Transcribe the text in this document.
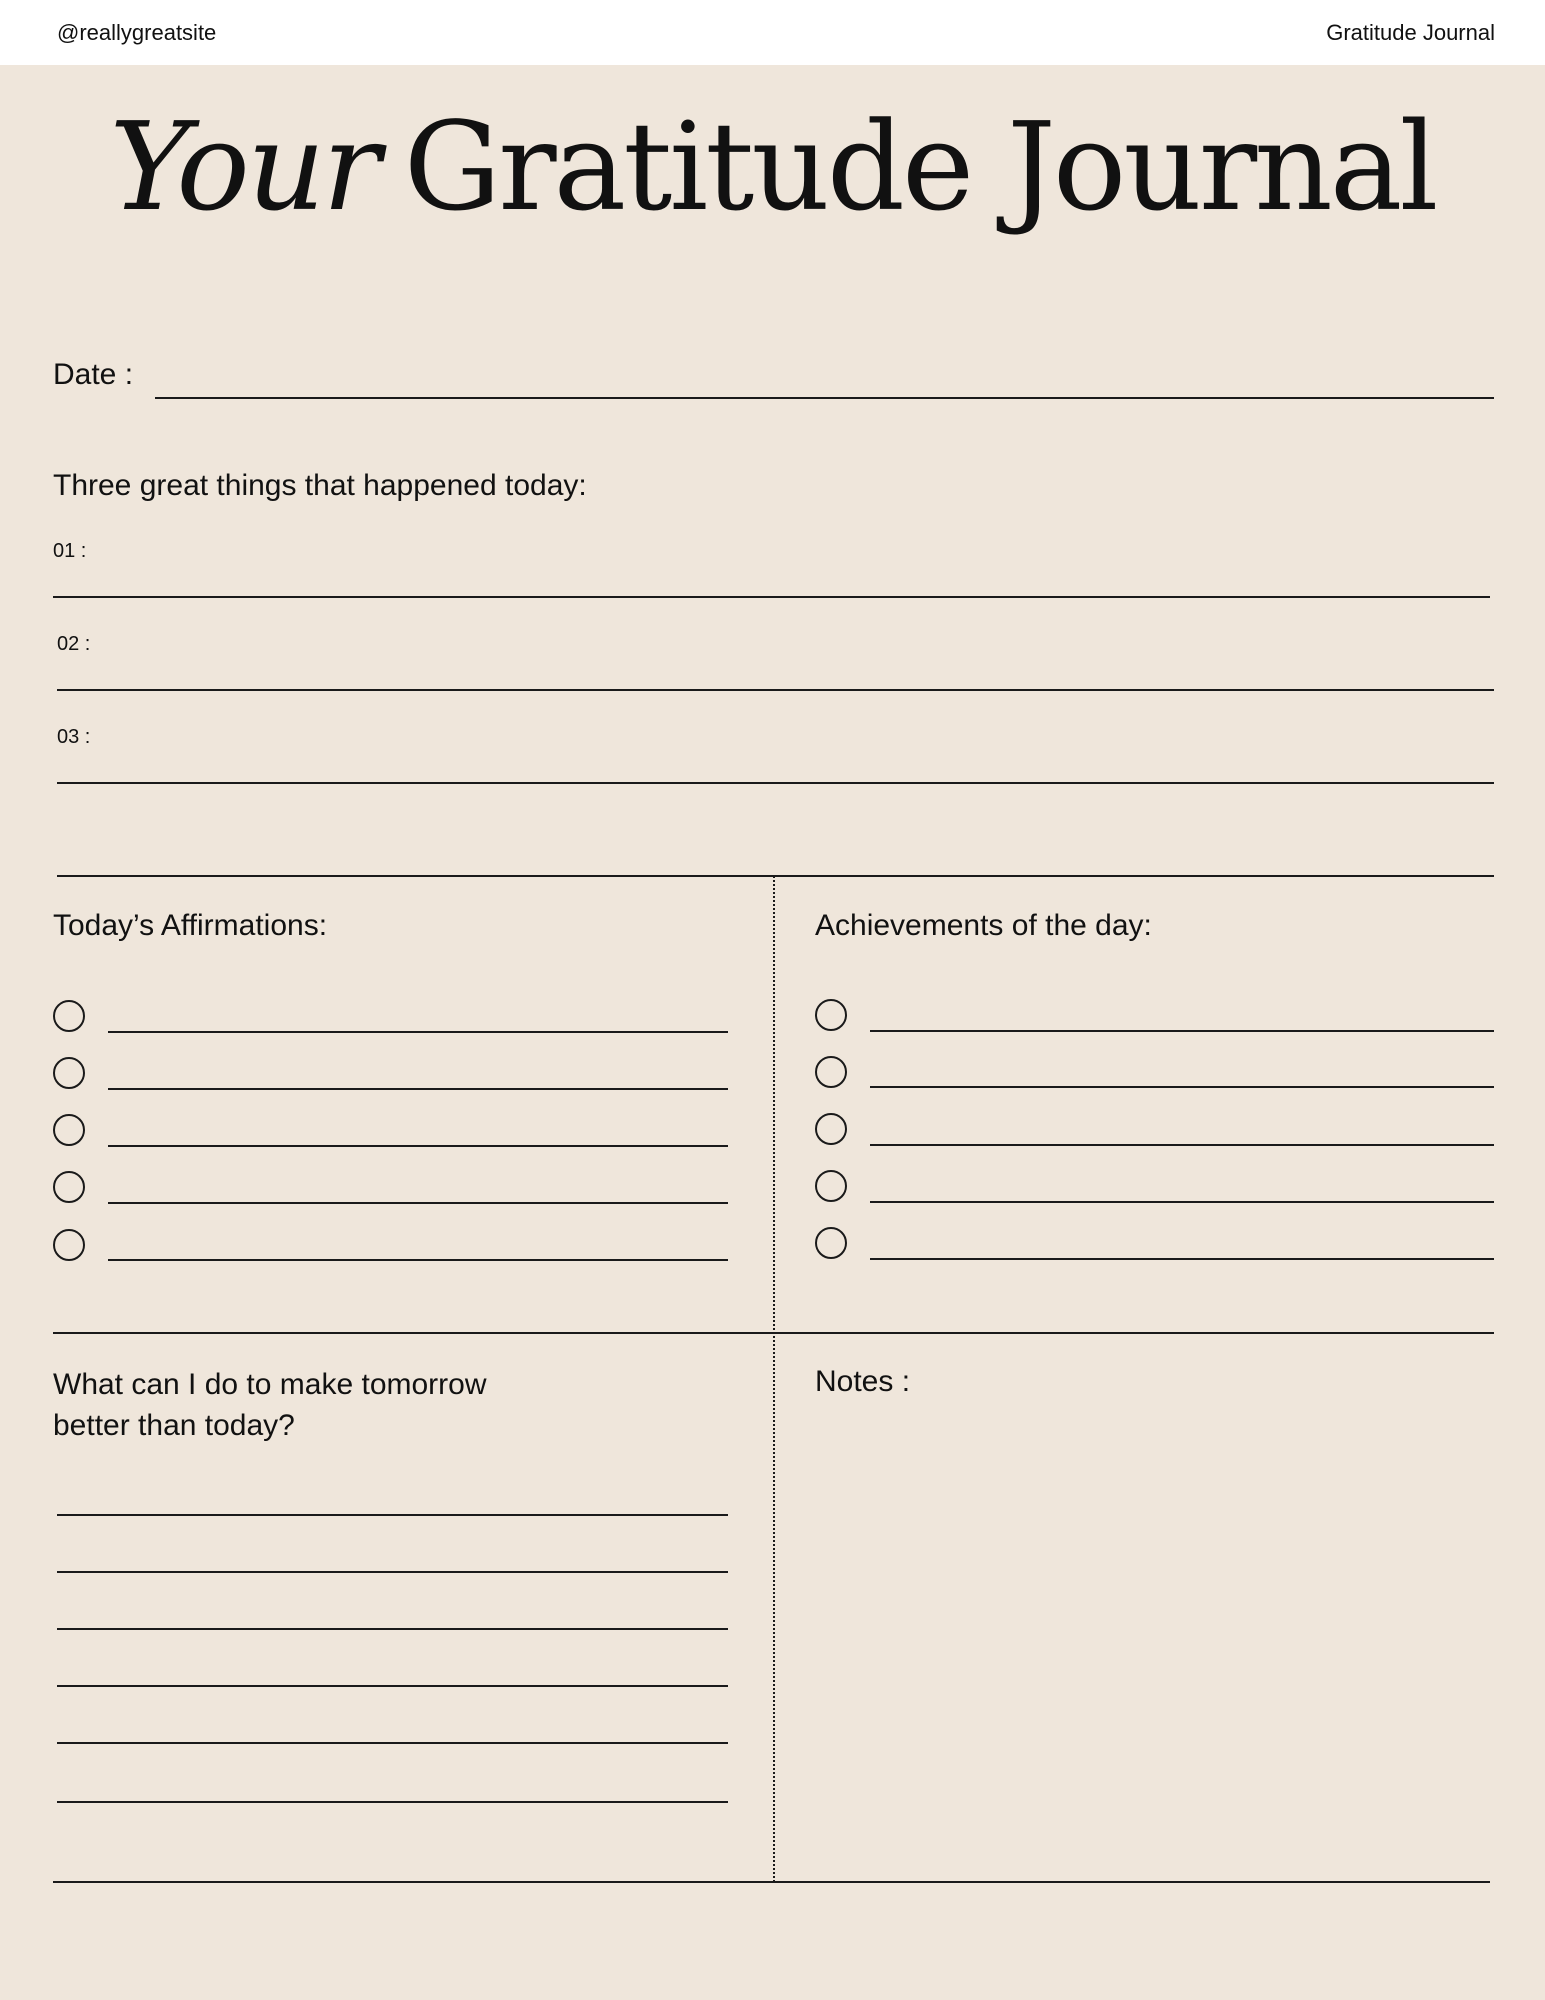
@reallygreatsite	Gratitude Journal
Your Gratitude Journal
Date :
Three great things that happened today:
01 :
02 :
03 :
Today’s Affirmations:	Achievements of the day:
What can I do to make tomorrow
better than today?
Notes :
